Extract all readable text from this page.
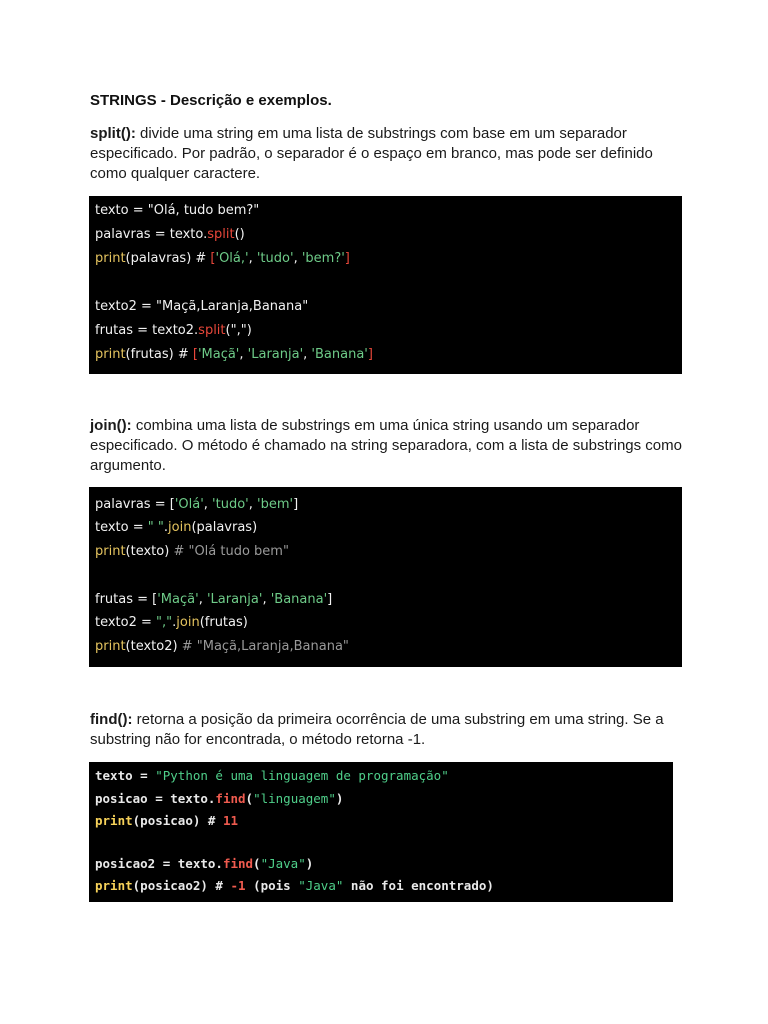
STRINGS - Descrição e exemplos.
split(): divide uma string em uma lista de substrings com base em um separador especificado. Por padrão, o separador é o espaço em branco, mas pode ser definido como qualquer caractere.
texto = "Olá, tudo bem?"
palavras = texto.split()
print(palavras) # ['Olá,', 'tudo', 'bem?']
texto2 = "Maçã,Laranja,Banana"
frutas = texto2.split(",")
print(frutas) # ['Maçã', 'Laranja', 'Banana']
join(): combina uma lista de substrings em uma única string usando um separador especificado. O método é chamado na string separadora, com a lista de substrings como argumento.
palavras = ['Olá', 'tudo', 'bem']
texto = " ".join(palavras)
print(texto) # "Olá tudo bem"
frutas = ['Maçã', 'Laranja', 'Banana']
texto2 = ",".join(frutas)
print(texto2) # "Maçã,Laranja,Banana"
find(): retorna a posição da primeira ocorrência de uma substring em uma string. Se a substring não for encontrada, o método retorna -1.
texto = "Python é uma linguagem de programação"
posicao = texto.find("linguagem")
print(posicao) # 11
posicao2 = texto.find("Java")
print(posicao2) # -1 (pois "Java" não foi encontrado)
